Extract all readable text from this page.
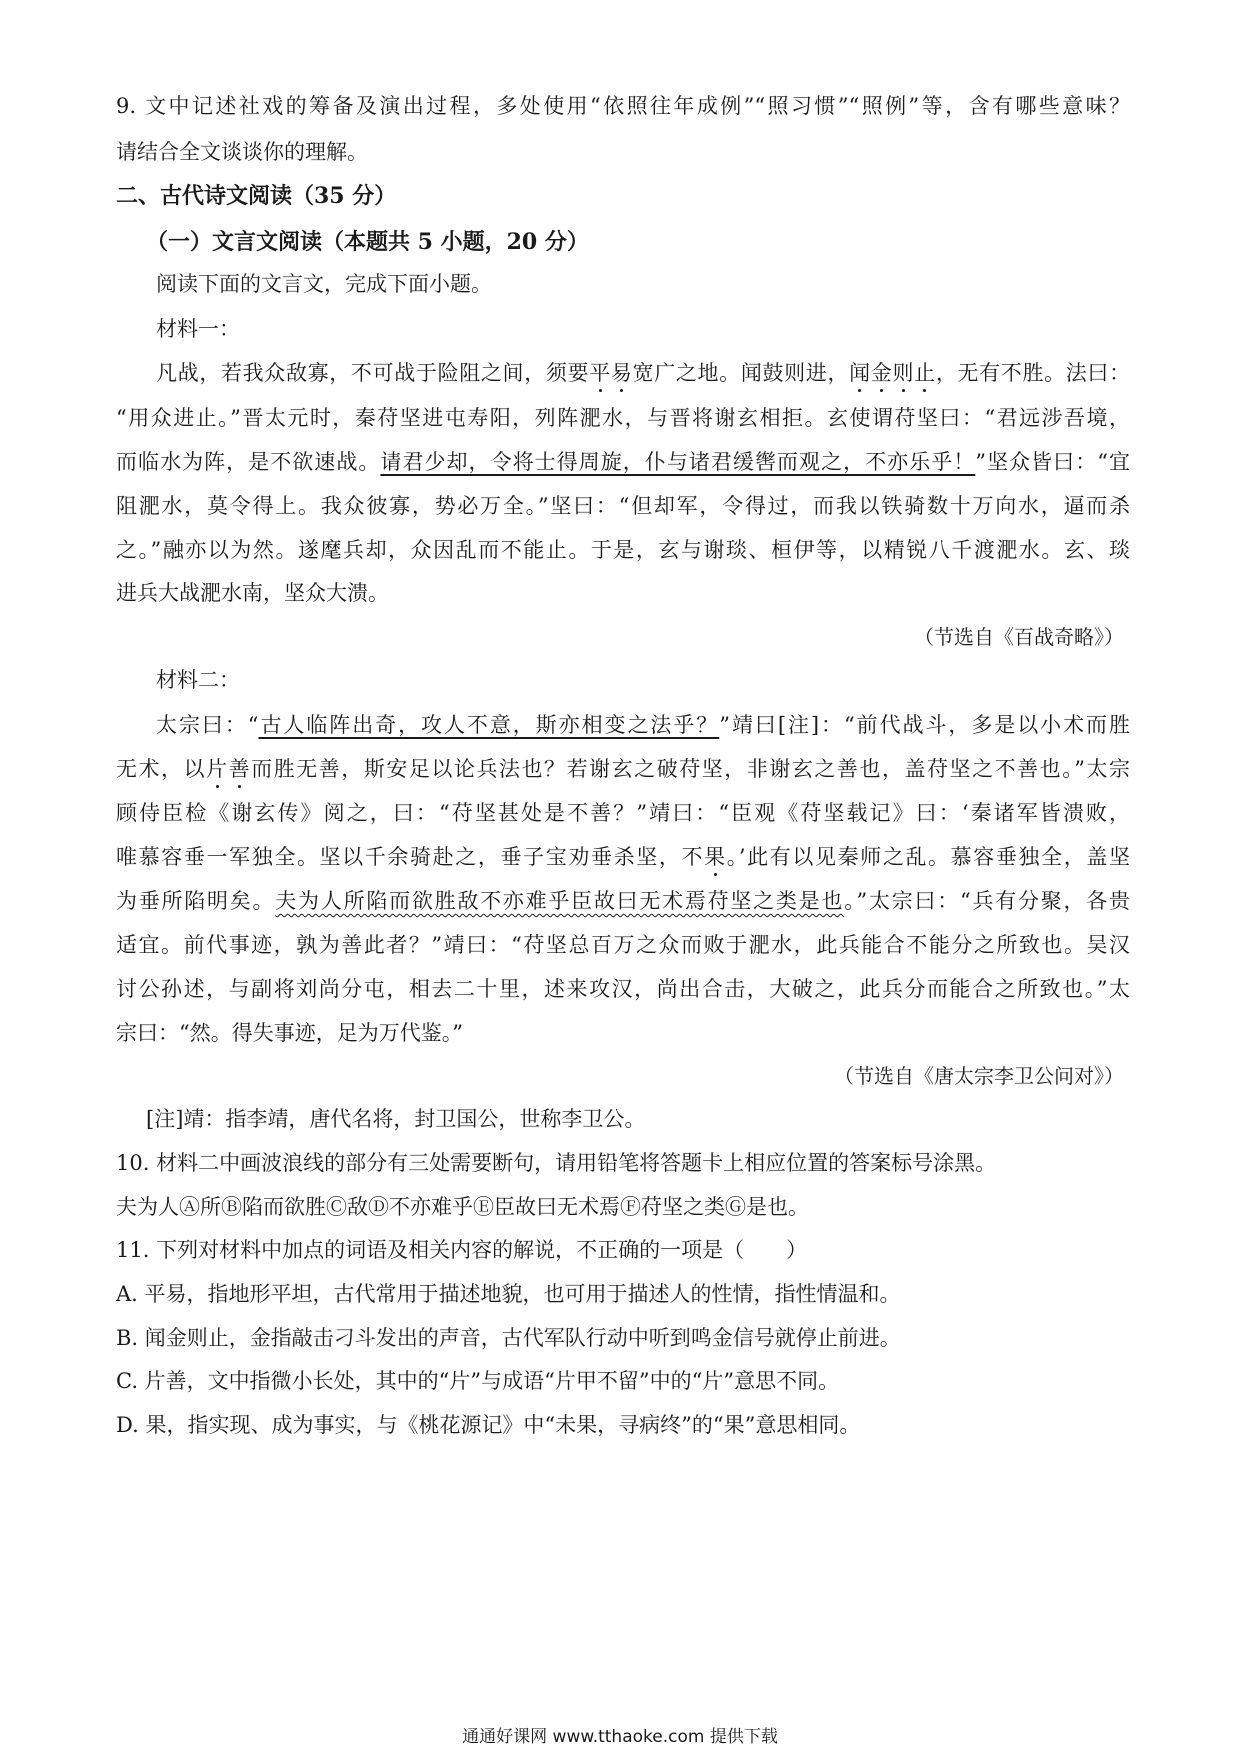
9. 文中记述社戏的筹备及演出过程，多处使用“依照往年成例”“照习惯”“照例”等，含有哪些意味？
请结合全文谈谈你的理解。
二、古代诗文阅读（35 分）
（一）文言文阅读（本题共 5 小题，20 分）
阅读下面的文言文，完成下面小题。
材料一：
凡战，若我众敌寡，不可战于险阻之间，须要平易宽广之地。闻鼓则进，闻金则止，无有不胜。法曰：
“用众进止。”晋太元时，秦苻坚进屯寿阳，列阵淝水，与晋将谢玄相拒。玄使谓苻坚曰：“君远涉吾境，
而临水为阵，是不欲速战。请君少却，令将士得周旋，仆与诸君缓辔而观之，不亦乐乎！”坚众皆曰：“宜
阻淝水，莫令得上。我众彼寡，势必万全。”坚曰：“但却军，令得过，而我以铁骑数十万向水，逼而杀
之。”融亦以为然。遂麾兵却，众因乱而不能止。于是，玄与谢琰、桓伊等，以精锐八千渡淝水。玄、琰
进兵大战淝水南，坚众大溃。
（节选自《百战奇略》）
材料二：
太宗曰：“古人临阵出奇，攻人不意，斯亦相变之法乎？”靖曰[注]：“前代战斗，多是以小术而胜
无术，以片善而胜无善，斯安足以论兵法也？若谢玄之破苻坚，非谢玄之善也，盖苻坚之不善也。”太宗
顾侍臣检《谢玄传》阅之，曰：“苻坚甚处是不善？”靖曰：“臣观《苻坚载记》曰：‘秦诸军皆溃败，
唯慕容垂一军独全。坚以千余骑赴之，垂子宝劝垂杀坚，不果。’此有以见秦师之乱。慕容垂独全，盖坚
为垂所陷明矣。夫为人所陷而欲胜敌不亦难乎臣故曰无术焉苻坚之类是也。”太宗曰：“兵有分聚，各贵
适宜。前代事迹，孰为善此者？”靖曰：“苻坚总百万之众而败于淝水，此兵能合不能分之所致也。吴汉
讨公孙述，与副将刘尚分屯，相去二十里，述来攻汉，尚出合击，大破之，此兵分而能合之所致也。”太
宗曰：“然。得失事迹，足为万代鉴。”
（节选自《唐太宗李卫公问对》）
[注]靖：指李靖，唐代名将，封卫国公，世称李卫公。
10. 材料二中画波浪线的部分有三处需要断句，请用铅笔将答题卡上相应位置的答案标号涂黑。
夫为人Ⓐ所Ⓑ陷而欲胜Ⓒ敌Ⓓ不亦难乎Ⓔ臣故曰无术焉Ⓕ苻坚之类Ⓖ是也。
11. 下列对材料中加点的词语及相关内容的解说，不正确的一项是（　　）
A. 平易，指地形平坦，古代常用于描述地貌，也可用于描述人的性情，指性情温和。
B. 闻金则止，金指敲击刁斗发出的声音，古代军队行动中听到鸣金信号就停止前进。
C. 片善，文中指微小长处，其中的“片”与成语“片甲不留”中的“片”意思不同。
D. 果，指实现、成为事实，与《桃花源记》中“未果，寻病终”的“果”意思相同。
通通好课网 www.tthaoke.com 提供下载
